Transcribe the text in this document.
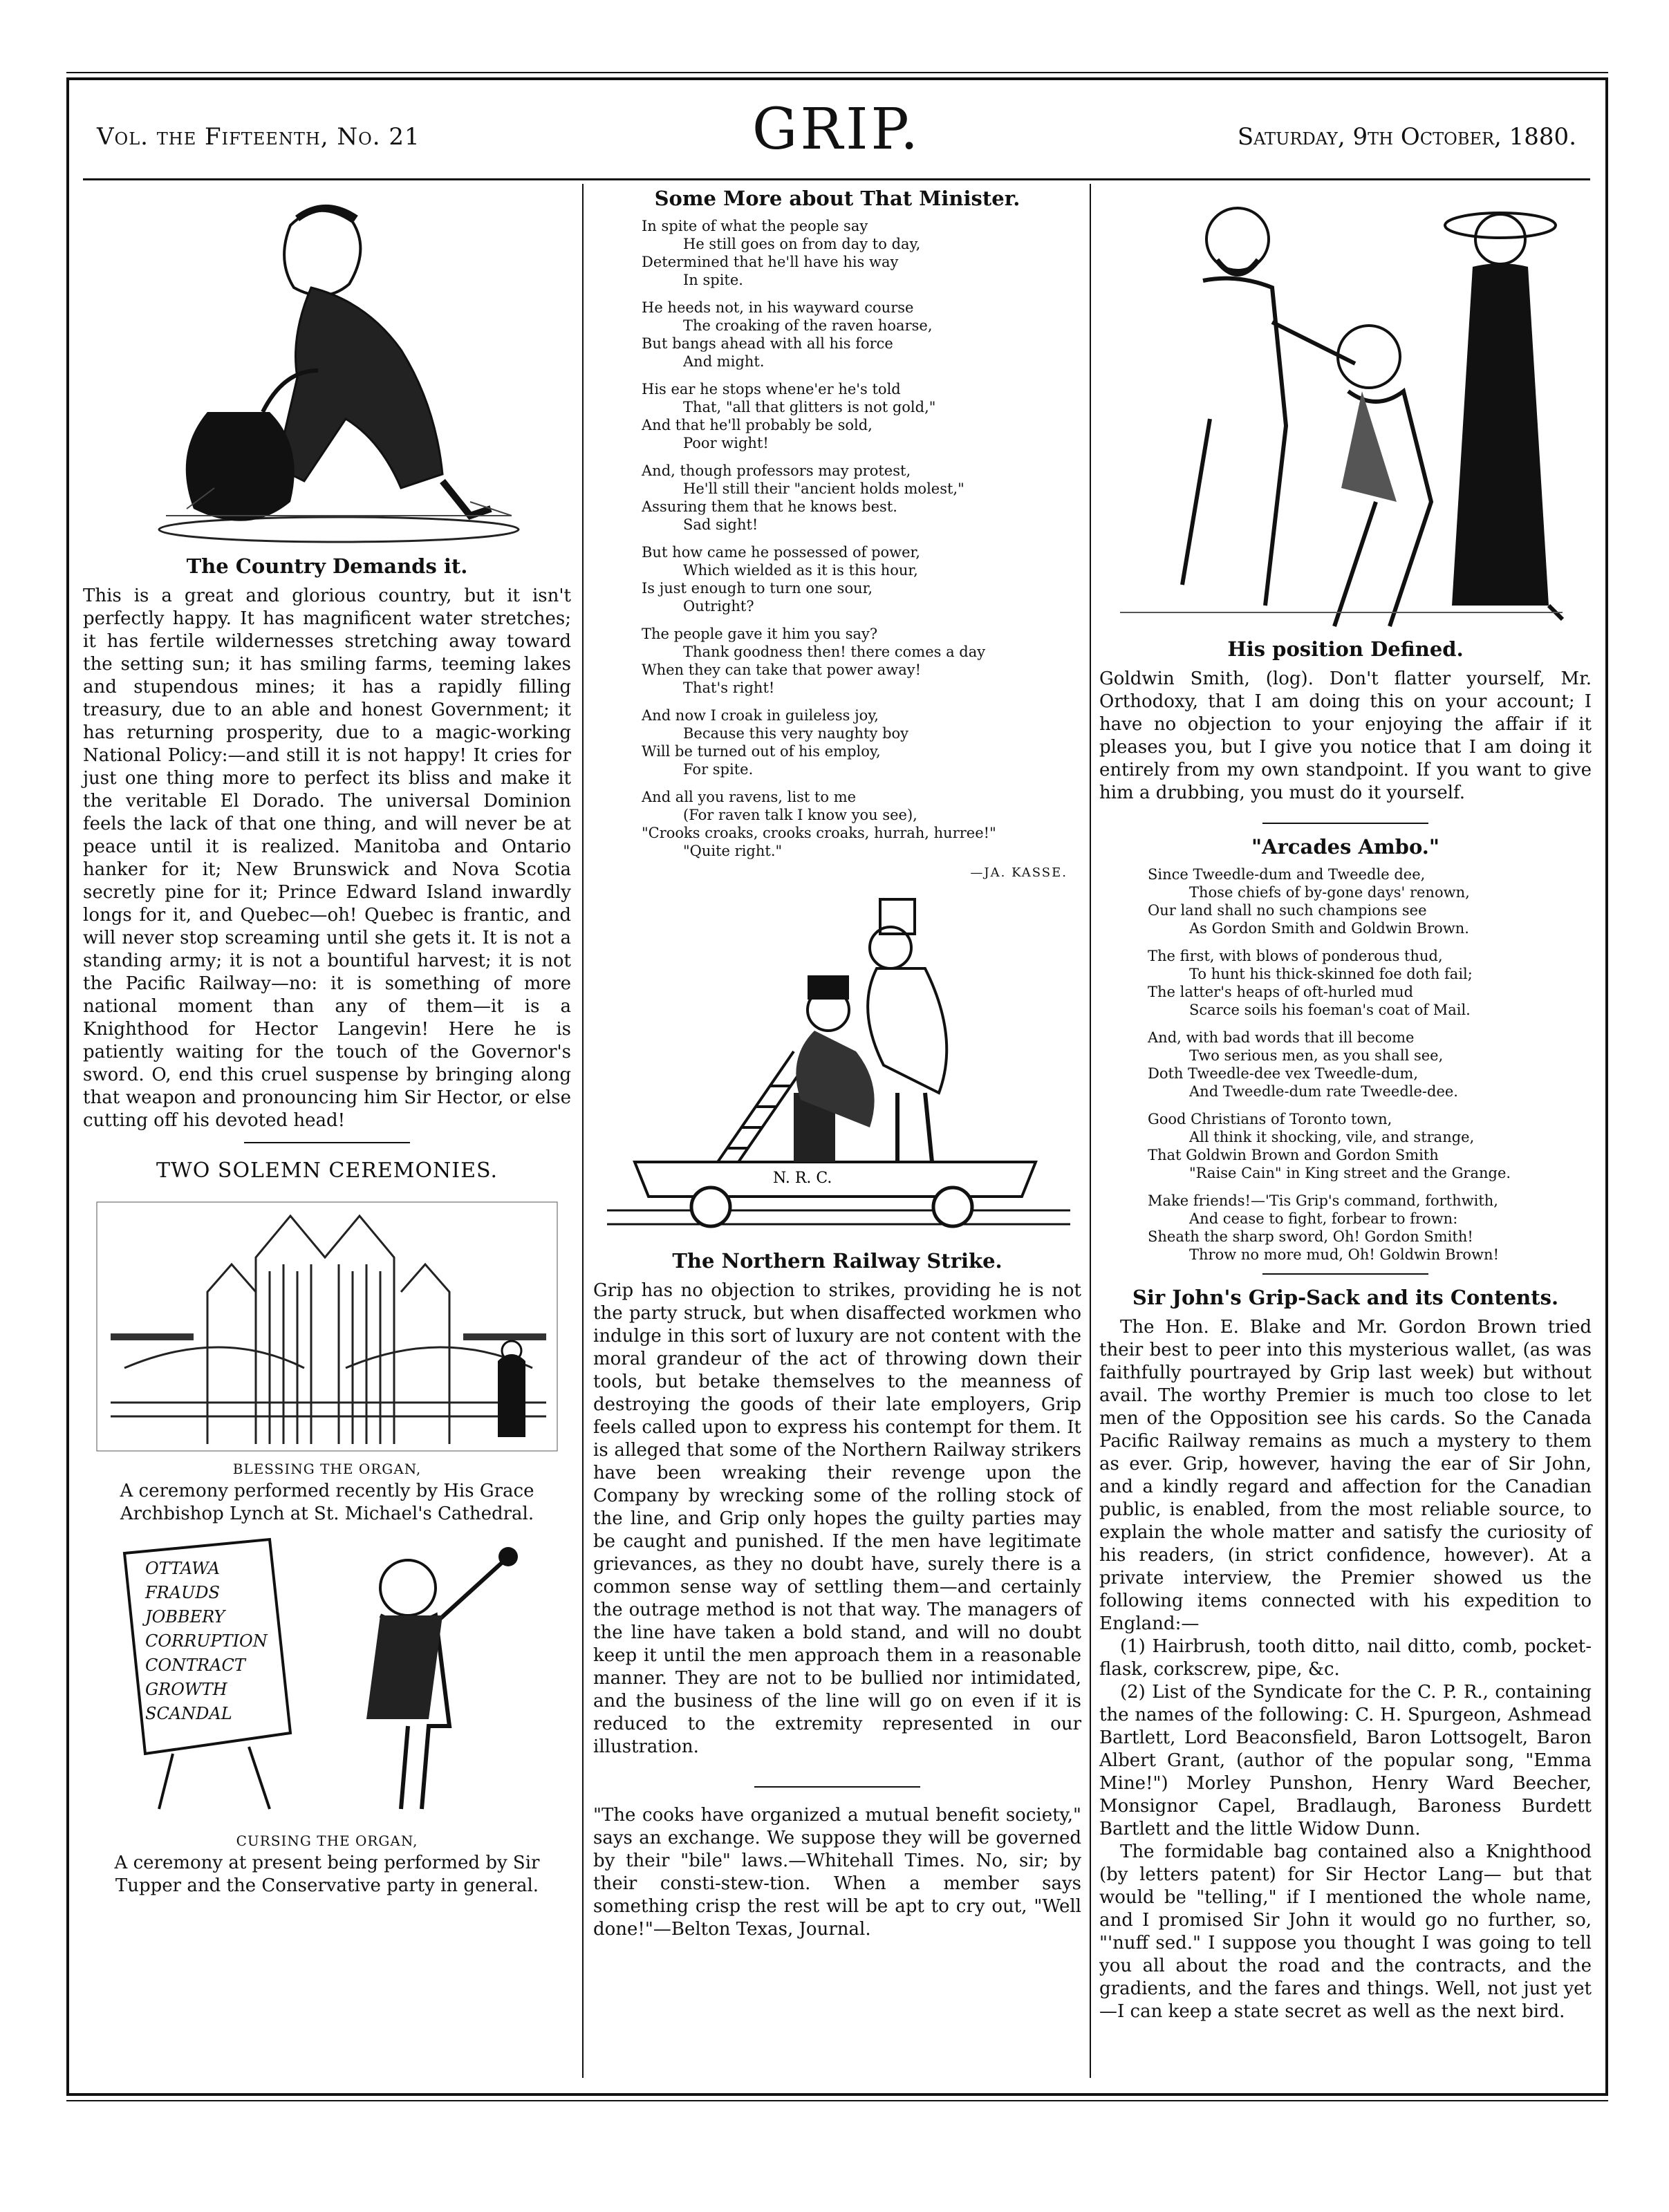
Vol. the Fifteenth, No. 21	GRIP.	Saturday, 9th October, 1880.
The Country Demands it.

This is a great and glorious country, but it isn't perfectly happy. It has magnificent water stretches; it has fertile wildernesses stretching away toward the setting sun; it has smiling farms, teeming lakes and stupendous mines; it has a rapidly filling treasury, due to an able and honest Government; it has returning prosperity, due to a magic-working National Policy:—and still it is not happy! It cries for just one thing more to perfect its bliss and make it the veritable El Dorado. The universal Dominion feels the lack of that one thing, and will never be at peace until it is realized. Manitoba and Ontario hanker for it; New Brunswick and Nova Scotia secretly pine for it; Prince Edward Island inwardly longs for it, and Quebec—oh! Quebec is frantic, and will never stop screaming until she gets it. It is not a standing army; it is not a bountiful harvest; it is not the Pacific Railway—no: it is something of more national moment than any of them—it is a Knighthood for Hector Langevin! Here he is patiently waiting for the touch of the Governor's sword. O, end this cruel suspense by bringing along that weapon and pronouncing him Sir Hector, or else cutting off his devoted head!

TWO SOLEMN CEREMONIES.
BLESSING THE ORGAN,

A ceremony performed recently by His Grace Archbishop Lynch at St. Michael's Cathedral.

OTTAWA
FRAUDS
JOBBERY
CORRUPTION
CONTRACT
GROWTH
SCANDAL
CURSING THE ORGAN,

A ceremony at present being performed by Sir Tupper and the Conservative party in general.

Some More about That Minister.
In spite of what the people say
He still goes on from day to day,
Determined that he'll have his way
In spite.
He heeds not, in his wayward course
The croaking of the raven hoarse,
But bangs ahead with all his force
And might.
His ear he stops whene'er he's told
That, "all that glitters is not gold,"
And that he'll probably be sold,
Poor wight!
And, though professors may protest,
He'll still their "ancient holds molest,"
Assuring them that he knows best.
Sad sight!
But how came he possessed of power,
Which wielded as it is this hour,
Is just enough to turn one sour,
Outright?
The people gave it him you say?
Thank goodness then! there comes a day
When they can take that power away!
That's right!
And now I croak in guileless joy,
Because this very naughty boy
Will be turned out of his employ,
For spite.
And all you ravens, list to me
(For raven talk I know you see),
"Crooks croaks, crooks croaks, hurrah, hurree!"
"Quite right."
—JA. KASSE.
N. R. C.
The Northern Railway Strike.

Grip has no objection to strikes, providing he is not the party struck, but when disaffected workmen who indulge in this sort of luxury are not content with the moral grandeur of the act of throwing down their tools, but betake themselves to the meanness of destroying the goods of their late employers, Grip feels called upon to express his contempt for them. It is alleged that some of the Northern Railway strikers have been wreaking their revenge upon the Company by wrecking some of the rolling stock of the line, and Grip only hopes the guilty parties may be caught and punished. If the men have legitimate grievances, as they no doubt have, surely there is a common sense way of settling them—and certainly the outrage method is not that way. The managers of the line have taken a bold stand, and will no doubt keep it until the men approach them in a reasonable manner. They are not to be bullied nor intimidated, and the business of the line will go on even if it is reduced to the extremity represented in our illustration.

"The cooks have organized a mutual benefit society," says an exchange. We suppose they will be governed by their "bile" laws.—Whitehall Times. No, sir; by their consti-stew-tion. When a member says something crisp the rest will be apt to cry out, "Well done!"—Belton Texas, Journal.

His position Defined.

Goldwin Smith, (log). Don't flatter yourself, Mr. Orthodoxy, that I am doing this on your account; I have no objection to your enjoying the affair if it pleases you, but I give you notice that I am doing it entirely from my own standpoint. If you want to give him a drubbing, you must do it yourself.

"Arcades Ambo."
Since Tweedle-dum and Tweedle dee,
Those chiefs of by-gone days' renown,
Our land shall no such champions see
As Gordon Smith and Goldwin Brown.
The first, with blows of ponderous thud,
To hunt his thick-skinned foe doth fail;
The latter's heaps of oft-hurled mud
Scarce soils his foeman's coat of Mail.
And, with bad words that ill become
Two serious men, as you shall see,
Doth Tweedle-dee vex Tweedle-dum,
And Tweedle-dum rate Tweedle-dee.
Good Christians of Toronto town,
All think it shocking, vile, and strange,
That Goldwin Brown and Gordon Smith
"Raise Cain" in King street and the Grange.
Make friends!—'Tis Grip's command, forthwith,
And cease to fight, forbear to frown:
Sheath the sharp sword, Oh! Gordon Smith!
Throw no more mud, Oh! Goldwin Brown!
Sir John's Grip-Sack and its Contents.

The Hon. E. Blake and Mr. Gordon Brown tried their best to peer into this mysterious wallet, (as was faithfully pourtrayed by Grip last week) but without avail. The worthy Premier is much too close to let men of the Opposition see his cards. So the Canada Pacific Railway remains as much a mystery to them as ever. Grip, however, having the ear of Sir John, and a kindly regard and affection for the Canadian public, is enabled, from the most reliable source, to explain the whole matter and satisfy the curiosity of his readers, (in strict confidence, however). At a private interview, the Premier showed us the following items connected with his expedition to England:—

(1) Hairbrush, tooth ditto, nail ditto, comb, pocket-flask, corkscrew, pipe, &c.

(2) List of the Syndicate for the C. P. R., containing the names of the following: C. H. Spurgeon, Ashmead Bartlett, Lord Beaconsfield, Baron Lottsogelt, Baron Albert Grant, (author of the popular song, "Emma Mine!") Morley Punshon, Henry Ward Beecher, Monsignor Capel, Bradlaugh, Baroness Burdett Bartlett and the little Widow Dunn.

The formidable bag contained also a Knighthood (by letters patent) for Sir Hector Lang— but that would be "telling," if I mentioned the whole name, and I promised Sir John it would go no further, so, "'nuff sed." I suppose you thought I was going to tell you all about the road and the contracts, and the gradients, and the fares and things. Well, not just yet—I can keep a state secret as well as the next bird.
